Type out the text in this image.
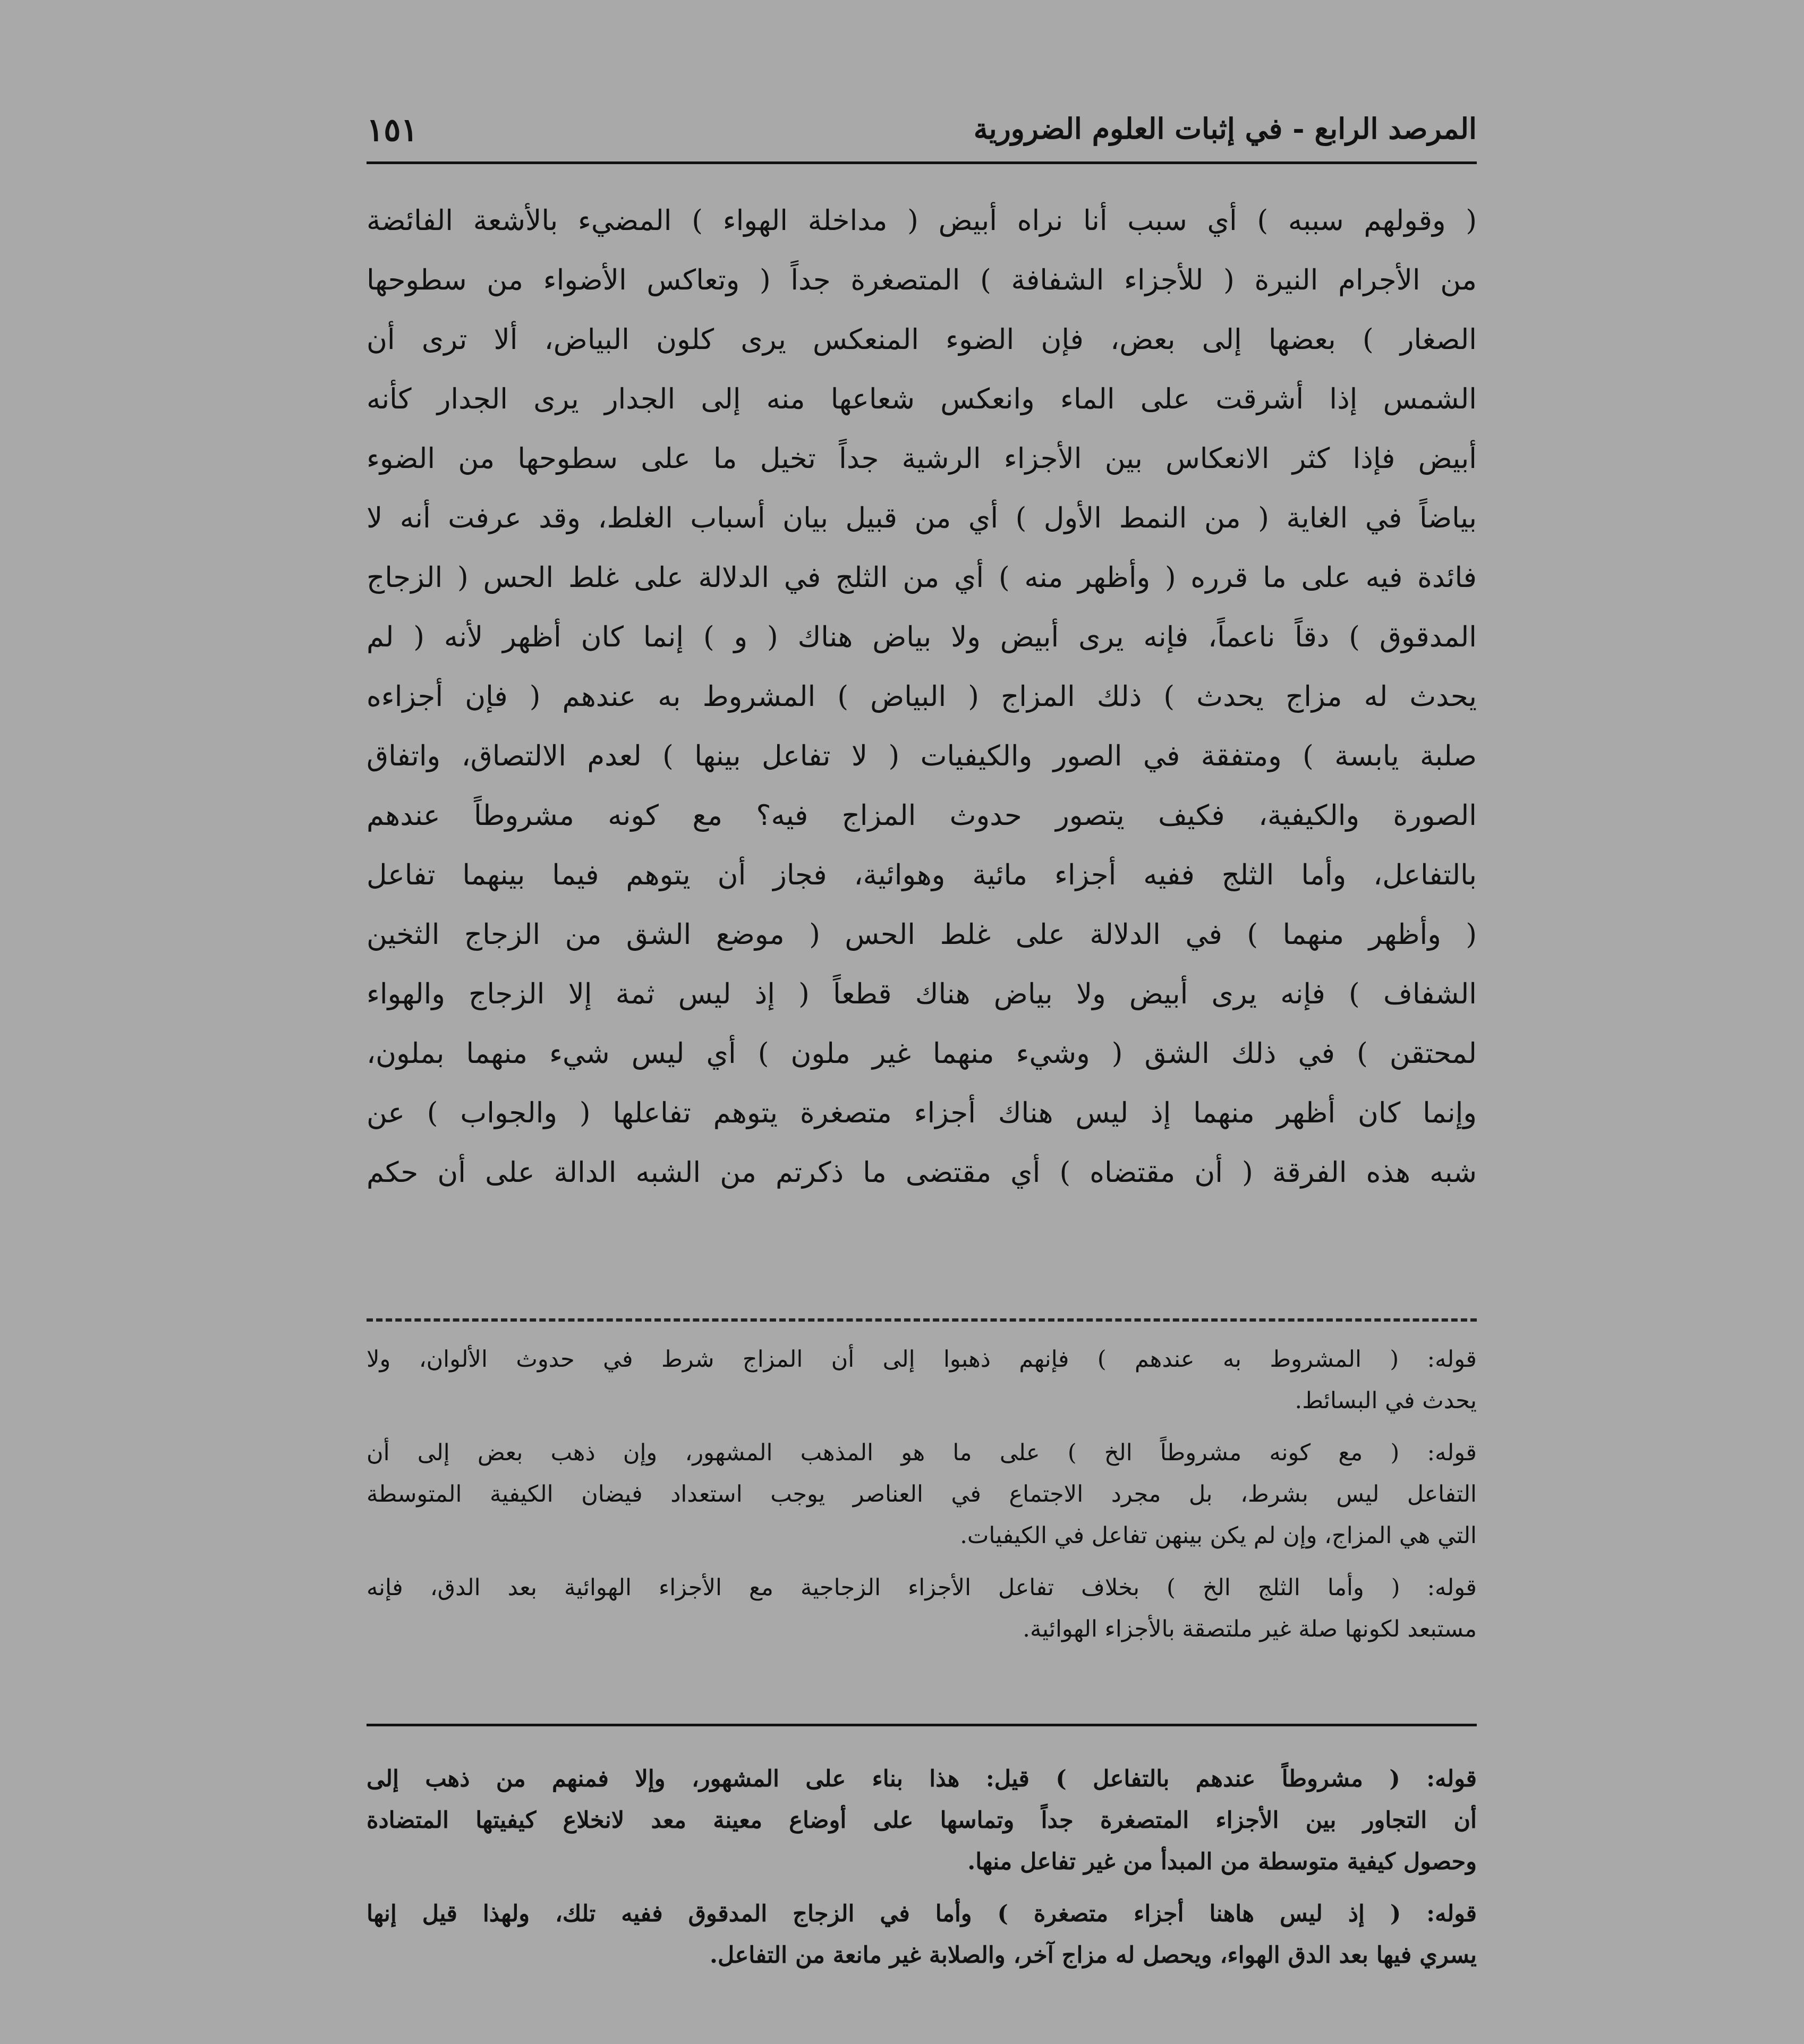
المرصد الرابع - في إثبات العلوم الضرورية
١٥١
( وقولهم سببه ) أي سبب أنا نراه أبيض ( مداخلة الهواء ) المضيء بالأشعة الفائضة
من الأجرام النيرة ( للأجزاء الشفافة ) المتصغرة جداً ( وتعاكس الأضواء من سطوحها
الصغار ) بعضها إلى بعض، فإن الضوء المنعكس يرى كلون البياض، ألا ترى أن
الشمس إذا أشرقت على الماء وانعكس شعاعها منه إلى الجدار يرى الجدار كأنه
أبيض فإذا كثر الانعكاس بين الأجزاء الرشية جداً تخيل ما على سطوحها من الضوء
بياضاً في الغاية ( من النمط الأول ) أي من قبيل بيان أسباب الغلط، وقد عرفت أنه لا
فائدة فيه على ما قرره ( وأظهر منه ) أي من الثلج في الدلالة على غلط الحس ( الزجاج
المدقوق ) دقاً ناعماً، فإنه يرى أبيض ولا بياض هناك ( و ) إنما كان أظهر لأنه ( لم
يحدث له مزاج يحدث ) ذلك المزاج ( البياض ) المشروط به عندهم ( فإن أجزاءه
صلبة يابسة ) ومتفقة في الصور والكيفيات ( لا تفاعل بينها ) لعدم الالتصاق، واتفاق
الصورة والكيفية، فكيف يتصور حدوث المزاج فيه؟ مع كونه مشروطاً عندهم
بالتفاعل، وأما الثلج ففيه أجزاء مائية وهوائية، فجاز أن يتوهم فيما بينهما تفاعل
( وأظهر منهما ) في الدلالة على غلط الحس ( موضع الشق من الزجاج الثخين
الشفاف ) فإنه يرى أبيض ولا بياض هناك قطعاً ( إذ ليس ثمة إلا الزجاج والهواء
لمحتقن ) في ذلك الشق ( وشيء منهما غير ملون ) أي ليس شيء منهما بملون،
وإنما كان أظهر منهما إذ ليس هناك أجزاء متصغرة يتوهم تفاعلها ( والجواب ) عن
شبه هذه الفرقة ( أن مقتضاه ) أي مقتضى ما ذكرتم من الشبه الدالة على أن حكم
قوله: ( المشروط به عندهم ) فإنهم ذهبوا إلى أن المزاج شرط في حدوث الألوان، ولا
يحدث في البسائط.
قوله: ( مع كونه مشروطاً الخ ) على ما هو المذهب المشهور، وإن ذهب بعض إلى أن
التفاعل ليس بشرط، بل مجرد الاجتماع في العناصر يوجب استعداد فيضان الكيفية المتوسطة
التي هي المزاج، وإن لم يكن بينهن تفاعل في الكيفيات.
قوله: ( وأما الثلج الخ ) بخلاف تفاعل الأجزاء الزجاجية مع الأجزاء الهوائية بعد الدق، فإنه
مستبعد لكونها صلة غير ملتصقة بالأجزاء الهوائية.
قوله: ( مشروطاً عندهم بالتفاعل ) قيل: هذا بناء على المشهور، وإلا فمنهم من ذهب إلى
أن التجاور بين الأجزاء المتصغرة جداً وتماسها على أوضاع معينة معد لانخلاع كيفيتها المتضادة
وحصول كيفية متوسطة من المبدأ من غير تفاعل منها.
قوله: ( إذ ليس هاهنا أجزاء متصغرة ) وأما في الزجاج المدقوق ففيه تلك، ولهذا قيل إنها
يسري فيها بعد الدق الهواء، ويحصل له مزاج آخر، والصلابة غير مانعة من التفاعل.
